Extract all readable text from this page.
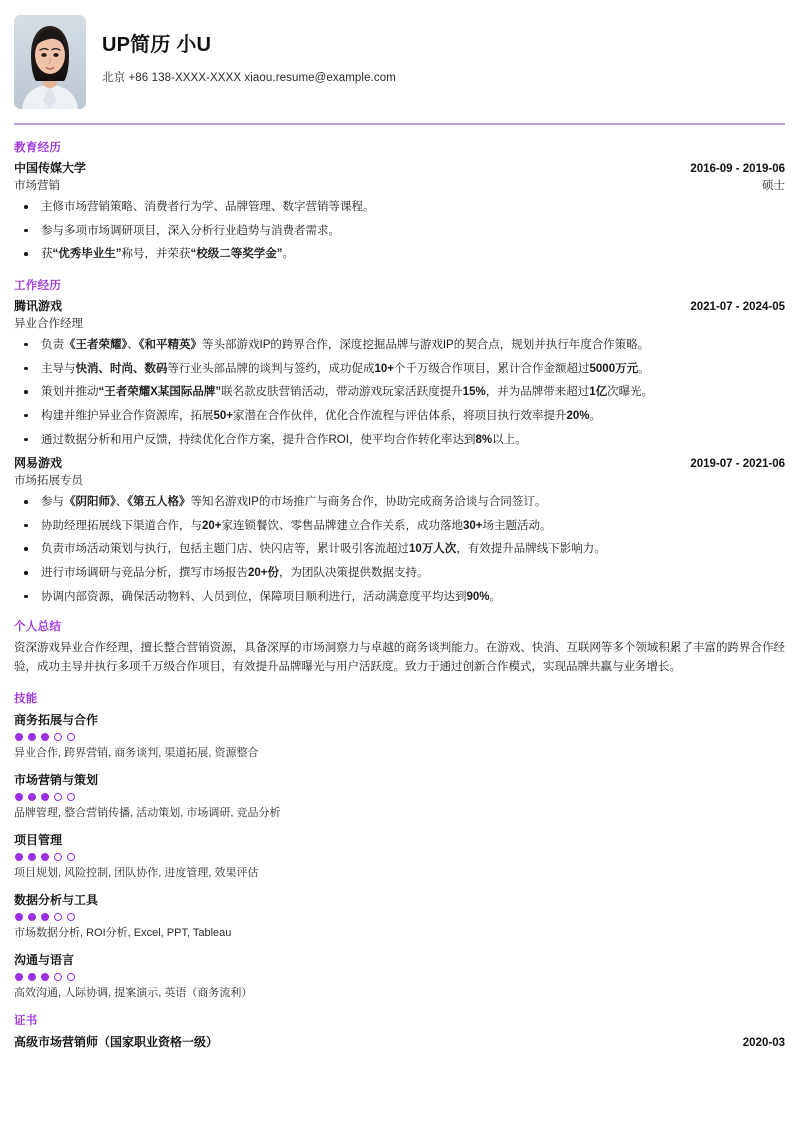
UP简历 小U
北京 +86 138-XXXX-XXXX xiaou.resume@example.com
教育经历
中国传媒大学	2016-09 - 2019-06
市场营销	硕士
主修市场营销策略、消费者行为学、品牌管理、数字营销等课程。
参与多项市场调研项目，深入分析行业趋势与消费者需求。
获“优秀毕业生”称号，并荣获“校级二等奖学金”。
工作经历
腾讯游戏	2021-07 - 2024-05
异业合作经理
负责《王者荣耀》、《和平精英》等头部游戏IP的跨界合作，深度挖掘品牌与游戏IP的契合点，规划并执行年度合作策略。
主导与快消、时尚、数码等行业头部品牌的谈判与签约，成功促成10+个千万级合作项目，累计合作金额超过5000万元。
策划并推动“王者荣耀X某国际品牌”联名款皮肤营销活动，带动游戏玩家活跃度提升15%，并为品牌带来超过1亿次曝光。
构建并维护异业合作资源库，拓展50+家潜在合作伙伴，优化合作流程与评估体系，将项目执行效率提升20%。
通过数据分析和用户反馈，持续优化合作方案，提升合作ROI，使平均合作转化率达到8%以上。
网易游戏	2019-07 - 2021-06
市场拓展专员
参与《阴阳师》、《第五人格》等知名游戏IP的市场推广与商务合作，协助完成商务洽谈与合同签订。
协助经理拓展线下渠道合作，与20+家连锁餐饮、零售品牌建立合作关系，成功落地30+场主题活动。
负责市场活动策划与执行，包括主题门店、快闪店等，累计吸引客流超过10万人次，有效提升品牌线下影响力。
进行市场调研与竞品分析，撰写市场报告20+份，为团队决策提供数据支持。
协调内部资源，确保活动物料、人员到位，保障项目顺利进行，活动满意度平均达到90%。
个人总结
资深游戏异业合作经理，擅长整合营销资源，具备深厚的市场洞察力与卓越的商务谈判能力。在游戏、快消、互联网等多个领域积累了丰富的跨界合作经验，成功主导并执行多项千万级合作项目，有效提升品牌曝光与用户活跃度。致力于通过创新合作模式，实现品牌共赢与业务增长。
技能
商务拓展与合作
异业合作, 跨界营销, 商务谈判, 渠道拓展, 资源整合
市场营销与策划
品牌管理, 整合营销传播, 活动策划, 市场调研, 竞品分析
项目管理
项目规划, 风险控制, 团队协作, 进度管理, 效果评估
数据分析与工具
市场数据分析, ROI分析, Excel, PPT, Tableau
沟通与语言
高效沟通, 人际协调, 提案演示, 英语（商务流利）
证书
高级市场营销师（国家职业资格一级）	2020-03
